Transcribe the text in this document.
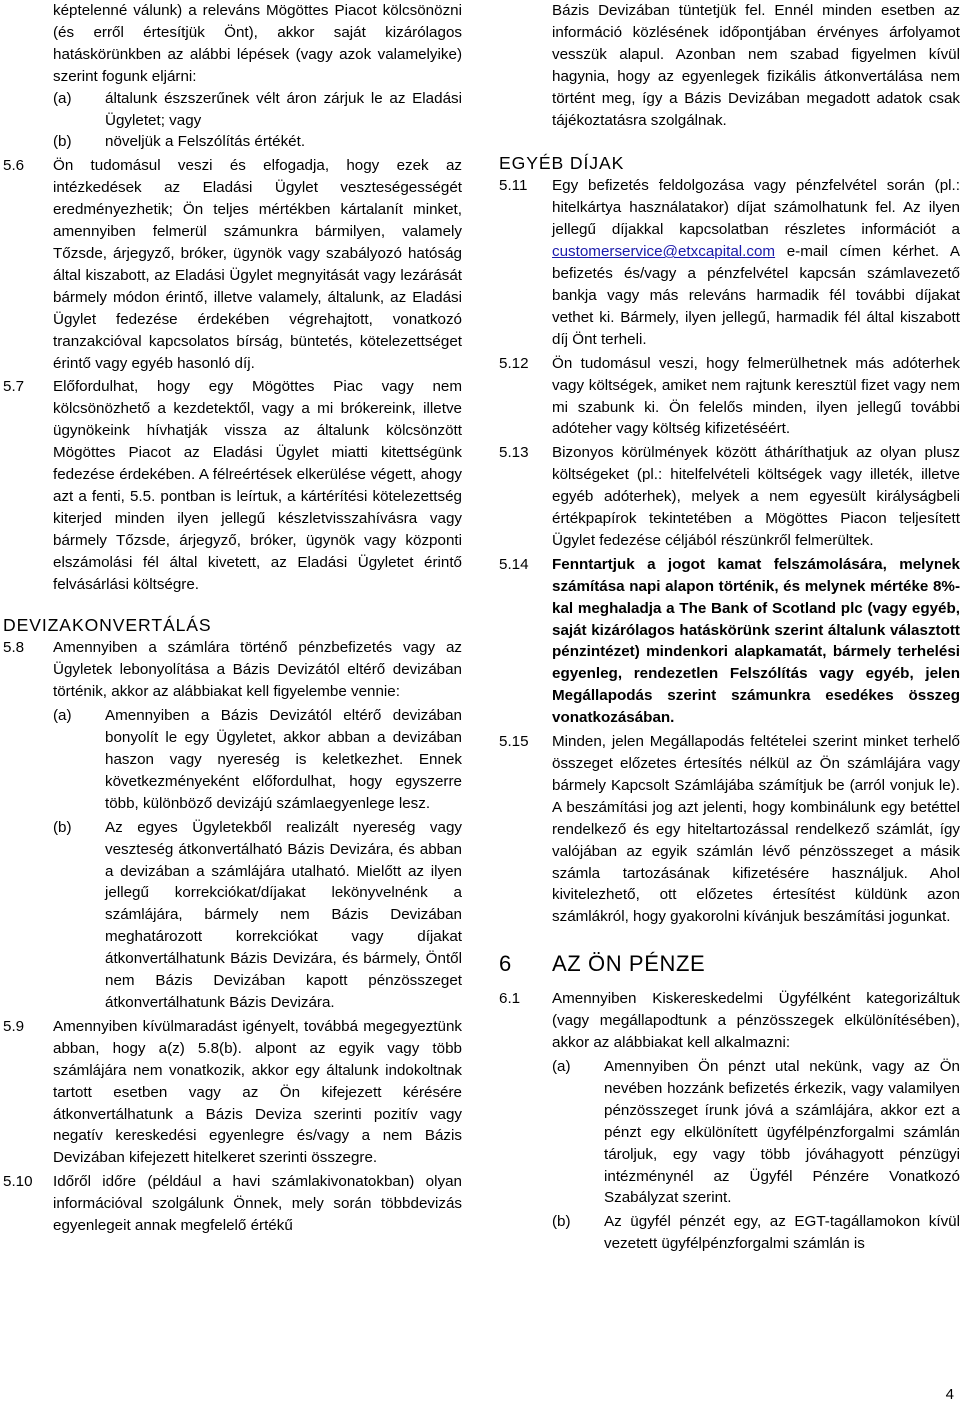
képtelenné válunk) a releváns Mögöttes Piacot kölcsönözni (és erről értesítjük Önt), akkor saját kizárólagos hatáskörünkben az alábbi lépések (vagy azok valamelyike) szerint fogunk eljárni:
(a)	általunk észszerűnek vélt áron zárjuk le az Eladási Ügyletet; vagy
(b)	növeljük a Felszólítás értékét.
5.6	Ön tudomásul veszi és elfogadja, hogy ezek az intézkedések az Eladási Ügylet veszteségességét eredményezhetik; Ön teljes mértékben kártalanít minket, amennyiben felmerül számunkra bármilyen, valamely Tőzsde, árjegyző, bróker, ügynök vagy szabályozó hatóság által kiszabott, az Eladási Ügylet megnyitását vagy lezárását bármely módon érintő, illetve valamely, általunk, az Eladási Ügylet fedezése érdekében végrehajtott, vonatkozó tranzakcióval kapcsolatos bírság, büntetés, kötelezettséget érintő vagy egyéb hasonló díj.
5.7	Előfordulhat, hogy egy Mögöttes Piac vagy nem kölcsönözhető a kezdetektől, vagy a mi brókereink, illetve ügynökeink hívhatják vissza az általunk kölcsönzött Mögöttes Piacot az Eladási Ügylet miatti kitettségünk fedezése érdekében. A félreértések elkerülése végett, ahogy azt a fenti, 5.5. pontban is leírtuk, a kártérítési kötelezettség kiterjed minden ilyen jellegű készletvisszahívásra vagy bármely Tőzsde, árjegyző, bróker, ügynök vagy központi elszámolási fél által kivetett, az Eladási Ügyletet érintő felvásárlási költségre.
DEVIZAKONVERTÁLÁS
5.8	Amennyiben a számlára történő pénzbefizetés vagy az Ügyletek lebonyolítása a Bázis Devizától eltérő devizában történik, akkor az alábbiakat kell figyelembe vennie:
(a)	Amennyiben a Bázis Devizától eltérő devizában bonyolít le egy Ügyletet, akkor abban a devizában haszon vagy nyereség is keletkezhet. Ennek következményeként előfordulhat, hogy egyszerre több, különböző devizájú számlaegyenlege lesz.
(b)	Az egyes Ügyletekből realizált nyereség vagy veszteség átkonvertálható Bázis Devizára, és abban a devizában a számlájára utalható. Mielőtt az ilyen jellegű korrekciókat/díjakat lekönyvelnénk a számlájára, bármely nem Bázis Devizában meghatározott korrekciókat vagy díjakat átkonvertálhatunk Bázis Devizára, és bármely, Öntől nem Bázis Devizában kapott pénzösszeget átkonvertálhatunk Bázis Devizára.
5.9	Amennyiben kívülmaradást igényelt, továbbá megegyeztünk abban, hogy a(z) 5.8(b). alpont az egyik vagy több számlájára nem vonatkozik, akkor egy általunk indokoltnak tartott esetben vagy az Ön kifejezett kérésére átkonvertálhatunk a Bázis Deviza szerinti pozitív vagy negatív kereskedési egyenlegre és/vagy a nem Bázis Devizában kifejezett hitelkeret szerinti összegre.
5.10	Időről időre (például a havi számlakivonatokban) olyan információval szolgálunk Önnek, mely során többdevizás egyenlegeit annak megfelelő értékű
Bázis Devizában tüntetjük fel. Ennél minden esetben az információ közlésének időpontjában érvényes árfolyamot vesszük alapul. Azonban nem szabad figyelmen kívül hagynia, hogy az egyenlegek fizikális átkonvertálása nem történt meg, így a Bázis Devizában megadott adatok csak tájékoztatásra szolgálnak.
EGYÉB DÍJAK
5.11	Egy befizetés feldolgozása vagy pénzfelvétel során (pl.: hitelkártya használatakor) díjat számolhatunk fel. Az ilyen jellegű díjakkal kapcsolatban részletes információt a customerservice@etxcapital.com e-mail címen kérhet. A befizetés és/vagy a pénzfelvétel kapcsán számlavezető bankja vagy más releváns harmadik fél további díjakat vethet ki. Bármely, ilyen jellegű, harmadik fél által kiszabott díj Önt terheli.
5.12	Ön tudomásul veszi, hogy felmerülhetnek más adóterhek vagy költségek, amiket nem rajtunk keresztül fizet vagy nem mi szabunk ki. Ön felelős minden, ilyen jellegű további adóteher vagy költség kifizetéséért.
5.13	Bizonyos körülmények között átháríthatjuk az olyan plusz költségeket (pl.: hitelfelvételi költségek vagy illeték, illetve egyéb adóterhek), melyek a nem egyesült királyságbeli értékpapírok tekintetében a Mögöttes Piacon teljesített Ügylet fedezése céljából részünkről felmerültek.
5.14	Fenntartjuk a jogot kamat felszámolására, melynek számítása napi alapon történik, és melynek mértéke 8%-kal meghaladja a The Bank of Scotland plc (vagy egyéb, saját kizárólagos hatáskörünk szerint általunk választott pénzintézet) mindenkori alapkamatát, bármely terhelési egyenleg, rendezetlen Felszólítás vagy egyéb, jelen Megállapodás szerint számunkra esedékes összeg vonatkozásában.
5.15	Minden, jelen Megállapodás feltételei szerint minket terhelő összeget előzetes értesítés nélkül az Ön számlájára vagy bármely Kapcsolt Számlájába számítjuk be (arról vonjuk le). A beszámítási jog azt jelenti, hogy kombinálunk egy betéttel rendelkező és egy hiteltartozással rendelkező számlát, így valójában az egyik számlán lévő pénzösszeget a másik számla tartozásának kifizetésére használjuk. Ahol kivitelezhető, ott előzetes értesítést küldünk azon számlákról, hogy gyakorolni kívánjuk beszámítási jogunkat.
6	AZ ÖN PÉNZE
6.1	Amennyiben Kiskereskedelmi Ügyfélként kategorizáltuk (vagy megállapodtunk a pénzösszegek elkülönítésében), akkor az alábbiakat kell alkalmazni:
(a)	Amennyiben Ön pénzt utal nekünk, vagy az Ön nevében hozzánk befizetés érkezik, vagy valamilyen pénzösszeget írunk jóvá a számlájára, akkor ezt a pénzt egy elkülönített ügyfélpénzforgalmi számlán tároljuk, egy vagy több jóváhagyott pénzügyi intézménynél az Ügyfél Pénzére Vonatkozó Szabályzat szerint.
(b)	Az ügyfél pénzét egy, az EGT-tagállamokon kívül vezetett ügyfélpénzforgalmi számlán is
4
